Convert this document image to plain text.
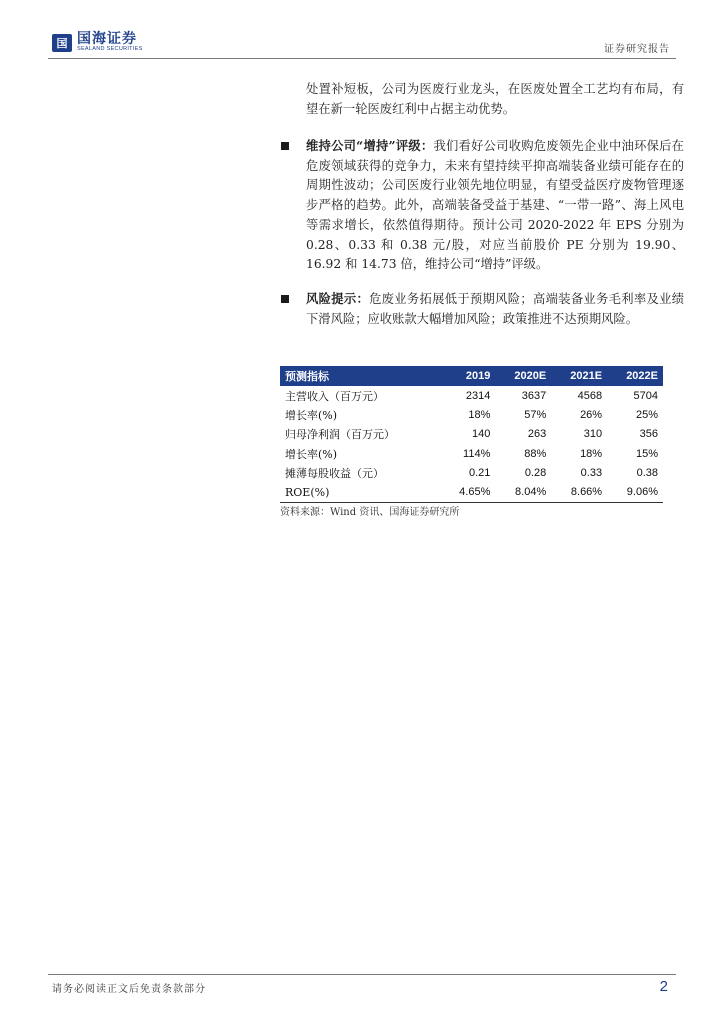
国 国海证券
SEALAND SECURITIES	证券研究报告
处置补短板，公司为医废行业龙头，在医废处置全工艺均有布局，有望在新一轮医废红利中占据主动优势。
维持公司“增持”评级：我们看好公司收购危废领先企业中油环保后在危废领域获得的竞争力，未来有望持续平抑高端装备业绩可能存在的周期性波动；公司医废行业领先地位明显，有望受益医疗废物管理逐步严格的趋势。此外，高端装备受益于基建、“一带一路”、海上风电等需求增长，依然值得期待。预计公司 2020-2022 年 EPS 分别为 0.28、0.33 和 0.38 元/股，对应当前股价 PE 分别为 19.90、16.92 和 14.73 倍，维持公司“增持”评级。
风险提示：危废业务拓展低于预期风险；高端装备业务毛利率及业绩下滑风险；应收账款大幅增加风险；政策推进不达预期风险。
预测指标	2019	2020E	2021E	2022E
主营收入（百万元）	2314	3637	4568	5704
增长率(%)	18%	57%	26%	25%
归母净利润（百万元）	140	263	310	356
增长率(%)	114%	88%	18%	15%
摊薄每股收益（元）	0.21	0.28	0.33	0.38
ROE(%)	4.65%	8.04%	8.66%	9.06%
资料来源：Wind 资讯、国海证券研究所
请务必阅读正文后免责条款部分	2
